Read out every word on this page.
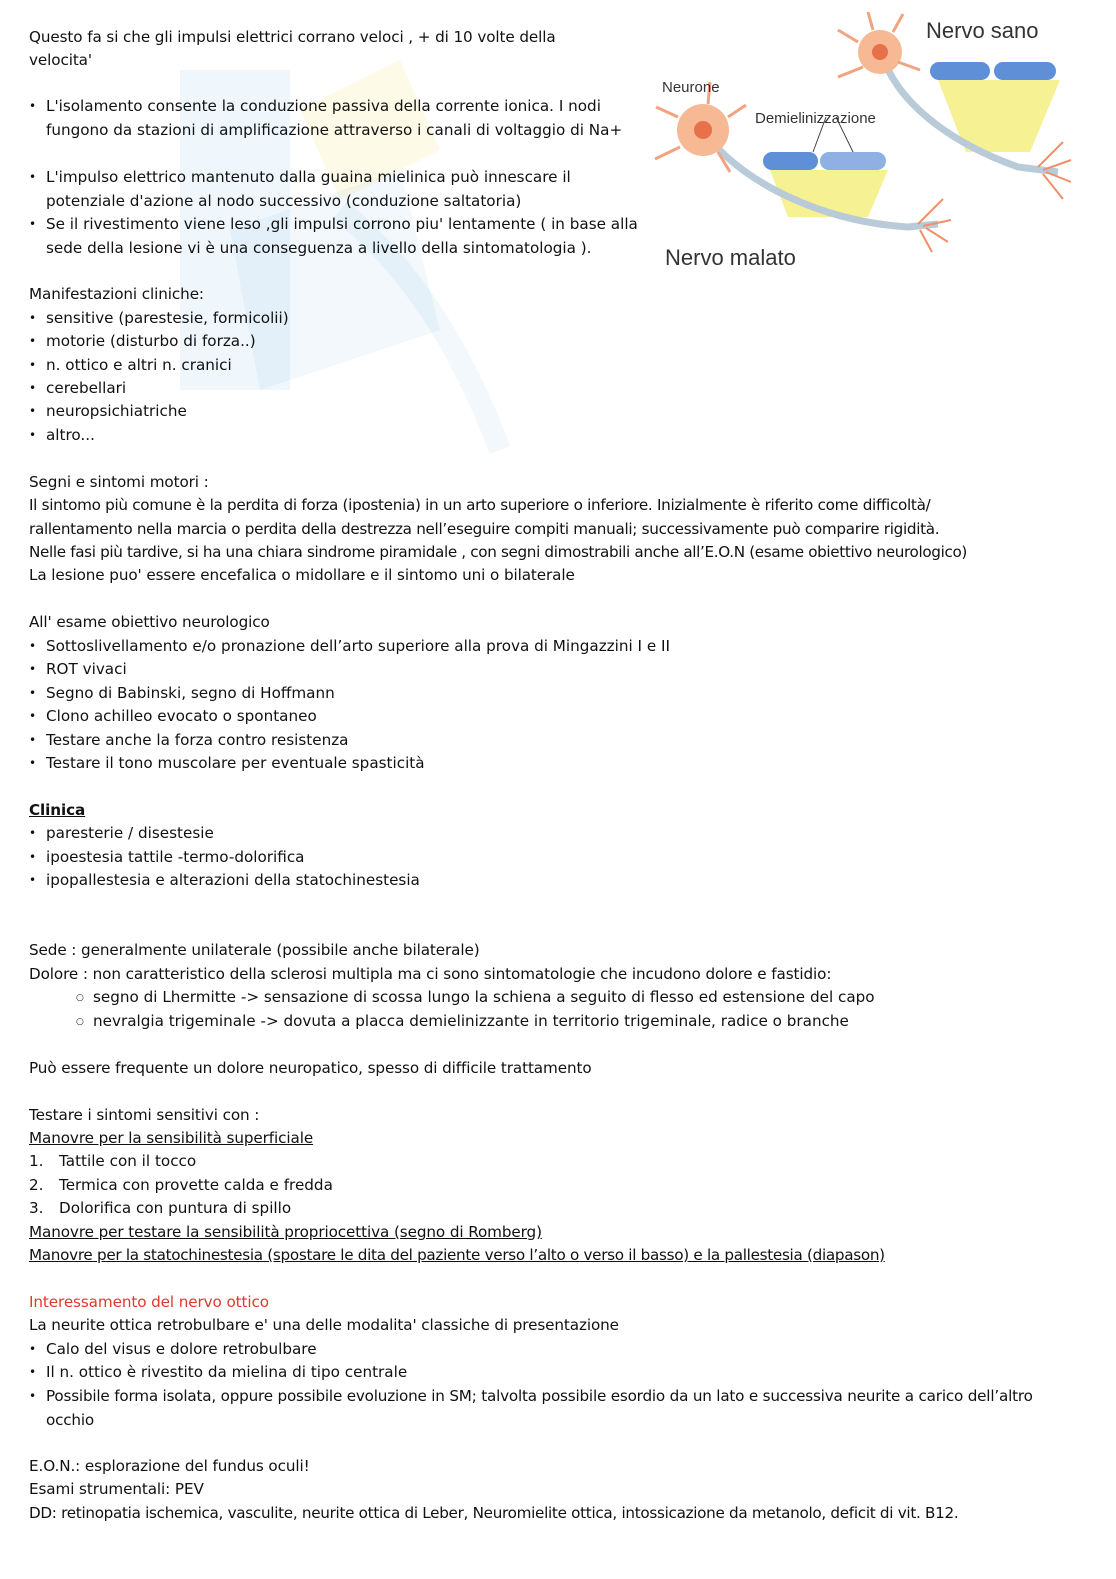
Nervo sano
Neurone
Demielinizzazione
Nervo malato
Questo fa si che gli impulsi elettrici corrano veloci , + di 10 volte della
velocita'
• L'isolamento consente la conduzione passiva della corrente ionica. I nodi fungono da stazioni di amplificazione attraverso i canali di voltaggio di Na+
• L'impulso elettrico mantenuto dalla guaina mielinica può innescare il potenziale d'azione al nodo successivo (conduzione saltatoria)
• Se il rivestimento viene leso ,gli impulsi corrono piu' lentamente ( in base alla sede della lesione vi è una conseguenza a livello della sintomatologia ).
Manifestazioni cliniche:
• sensitive (parestesie, formicolii)
• motorie (disturbo di forza..)
• n. ottico e altri n. cranici
• cerebellari
• neuropsichiatriche
• altro...
Segni e sintomi motori :
Il sintomo più comune è la perdita di forza (ipostenia) in un arto superiore o inferiore. Inizialmente è riferito come difficoltà/
rallentamento nella marcia o perdita della destrezza nell’eseguire compiti manuali; successivamente può comparire rigidità.
Nelle fasi più tardive, si ha una chiara sindrome piramidale , con segni dimostrabili anche all’E.O.N (esame obiettivo neurologico)
La lesione puo' essere encefalica o midollare e il sintomo uni o bilaterale
All' esame obiettivo neurologico
• Sottoslivellamento e/o pronazione dell’arto superiore alla prova di Mingazzini I e II
• ROT vivaci
• Segno di Babinski, segno di Hoffmann
• Clono achilleo evocato o spontaneo
• Testare anche la forza contro resistenza
• Testare il tono muscolare per eventuale spasticità
Clinica
• paresterie / disestesie
• ipoestesia tattile -termo-dolorifica
• ipopallestesia e alterazioni della statochinestesia
Sede : generalmente unilaterale (possibile anche bilaterale)
Dolore : non caratteristico della sclerosi multipla ma ci sono sintomatologie che incudono dolore e fastidio:
○ segno di Lhermitte -> sensazione di scossa lungo la schiena a seguito di flesso ed estensione del capo
○ nevralgia trigeminale -> dovuta a placca demielinizzante in territorio trigeminale, radice o branche
Può essere frequente un dolore neuropatico, spesso di difficile trattamento
Testare i sintomi sensitivi con :
Manovre per la sensibilità superficiale
1. Tattile con il tocco
2. Termica con provette calda e fredda
3. Dolorifica con puntura di spillo
Manovre per testare la sensibilità propriocettiva (segno di Romberg)
Manovre per la statochinestesia (spostare le dita del paziente verso l’alto o verso il basso) e la pallestesia (diapason)
Interessamento del nervo ottico
La neurite ottica retrobulbare e' una delle modalita' classiche di presentazione
• Calo del visus e dolore retrobulbare
• Il n. ottico è rivestito da mielina di tipo centrale
• Possibile forma isolata, oppure possibile evoluzione in SM; talvolta possibile esordio da un lato e successiva neurite a carico dell’altro occhio
E.O.N.: esplorazione del fundus oculi!
Esami strumentali: PEV
DD: retinopatia ischemica, vasculite, neurite ottica di Leber, Neuromielite ottica, intossicazione da metanolo, deficit di vit. B12.
